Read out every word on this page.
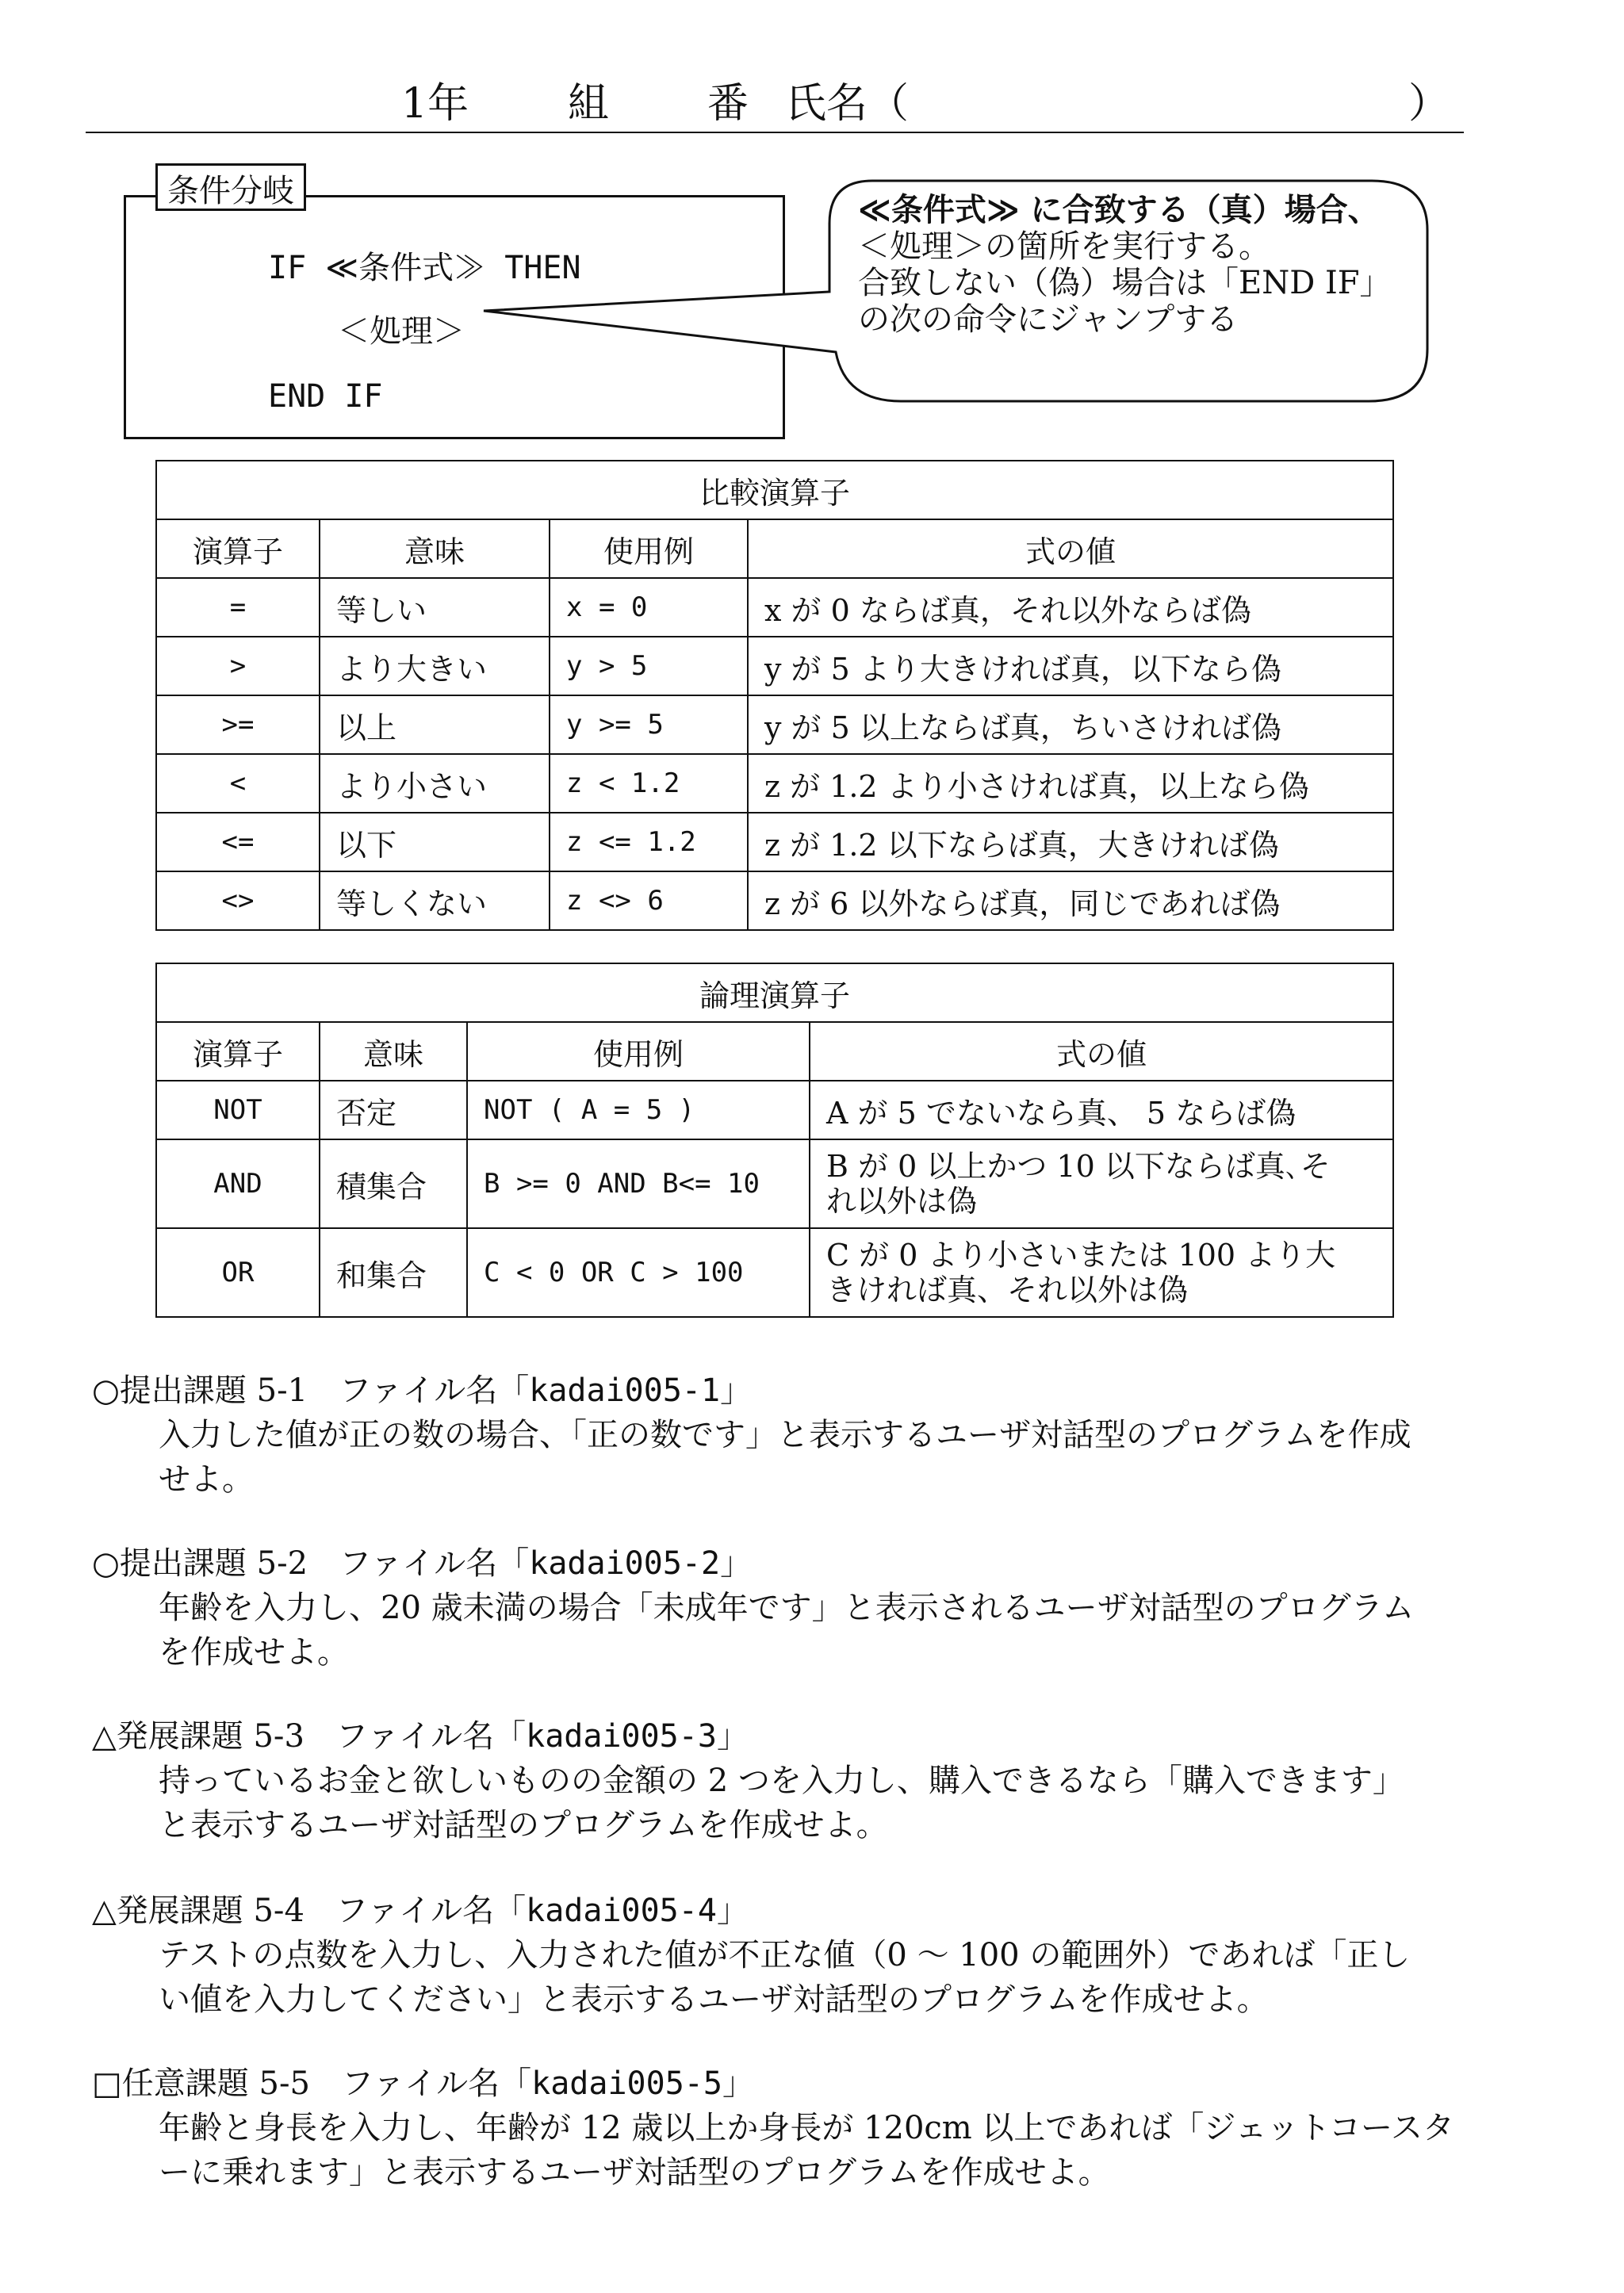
1年 組 番 氏名（	）
条件分岐
IF ≪条件式≫ THEN
＜処理＞
END IF
≪条件式≫ に合致する（真）場合、
＜処理＞の箇所を実行する。
合致しない（偽）場合は「END IF」
の次の命令にジャンプする
比較演算子			
演算子	意味	使用例	式の値
=	等しい	x = 0	x が 0 ならば真，それ以外ならば偽
>	より大きい	y > 5	y が 5 より大きければ真，以下なら偽
>=	以上	y >= 5	y が 5 以上ならば真，ちいさければ偽
<	より小さい	z < 1.2	z が 1.2 より小さければ真，以上なら偽
<=	以下	z <= 1.2	z が 1.2 以下ならば真，大きければ偽
<>	等しくない	z <> 6	z が 6 以外ならば真，同じであれば偽
論理演算子			
演算子	意味	使用例	式の値
NOT	否定	NOT ( A = 5 )	A が 5 でないなら真、 5 ならば偽
AND	積集合	B >= 0 AND B<= 10	B が 0 以上かつ 10 以下ならば真､そ
れ以外は偽
OR	和集合	C < 0 OR C > 100	C が 0 より小さいまたは 100 より大
きければ真、それ以外は偽
○提出課題 5-1　ファイル名「kadai005-1」
入力した値が正の数の場合、「正の数です」と表示するユーザ対話型のプログラムを作成
せよ。
○提出課題 5-2　ファイル名「kadai005-2」
年齢を入力し、20 歳未満の場合「未成年です」と表示されるユーザ対話型のプログラム
を作成せよ。
△発展課題 5-3　ファイル名「kadai005-3」
持っているお金と欲しいものの金額の 2 つを入力し、購入できるなら「購入できます」
と表示するユーザ対話型のプログラムを作成せよ。
△発展課題 5-4　ファイル名「kadai005-4」
テストの点数を入力し、入力された値が不正な値（0 ～ 100 の範囲外）であれば「正し
い値を入力してください」と表示するユーザ対話型のプログラムを作成せよ。
□任意課題 5-5　ファイル名「kadai005-5」
年齢と身長を入力し、年齢が 12 歳以上か身長が 120cm 以上であれば「ジェットコースタ
ーに乗れます」と表示するユーザ対話型のプログラムを作成せよ。
